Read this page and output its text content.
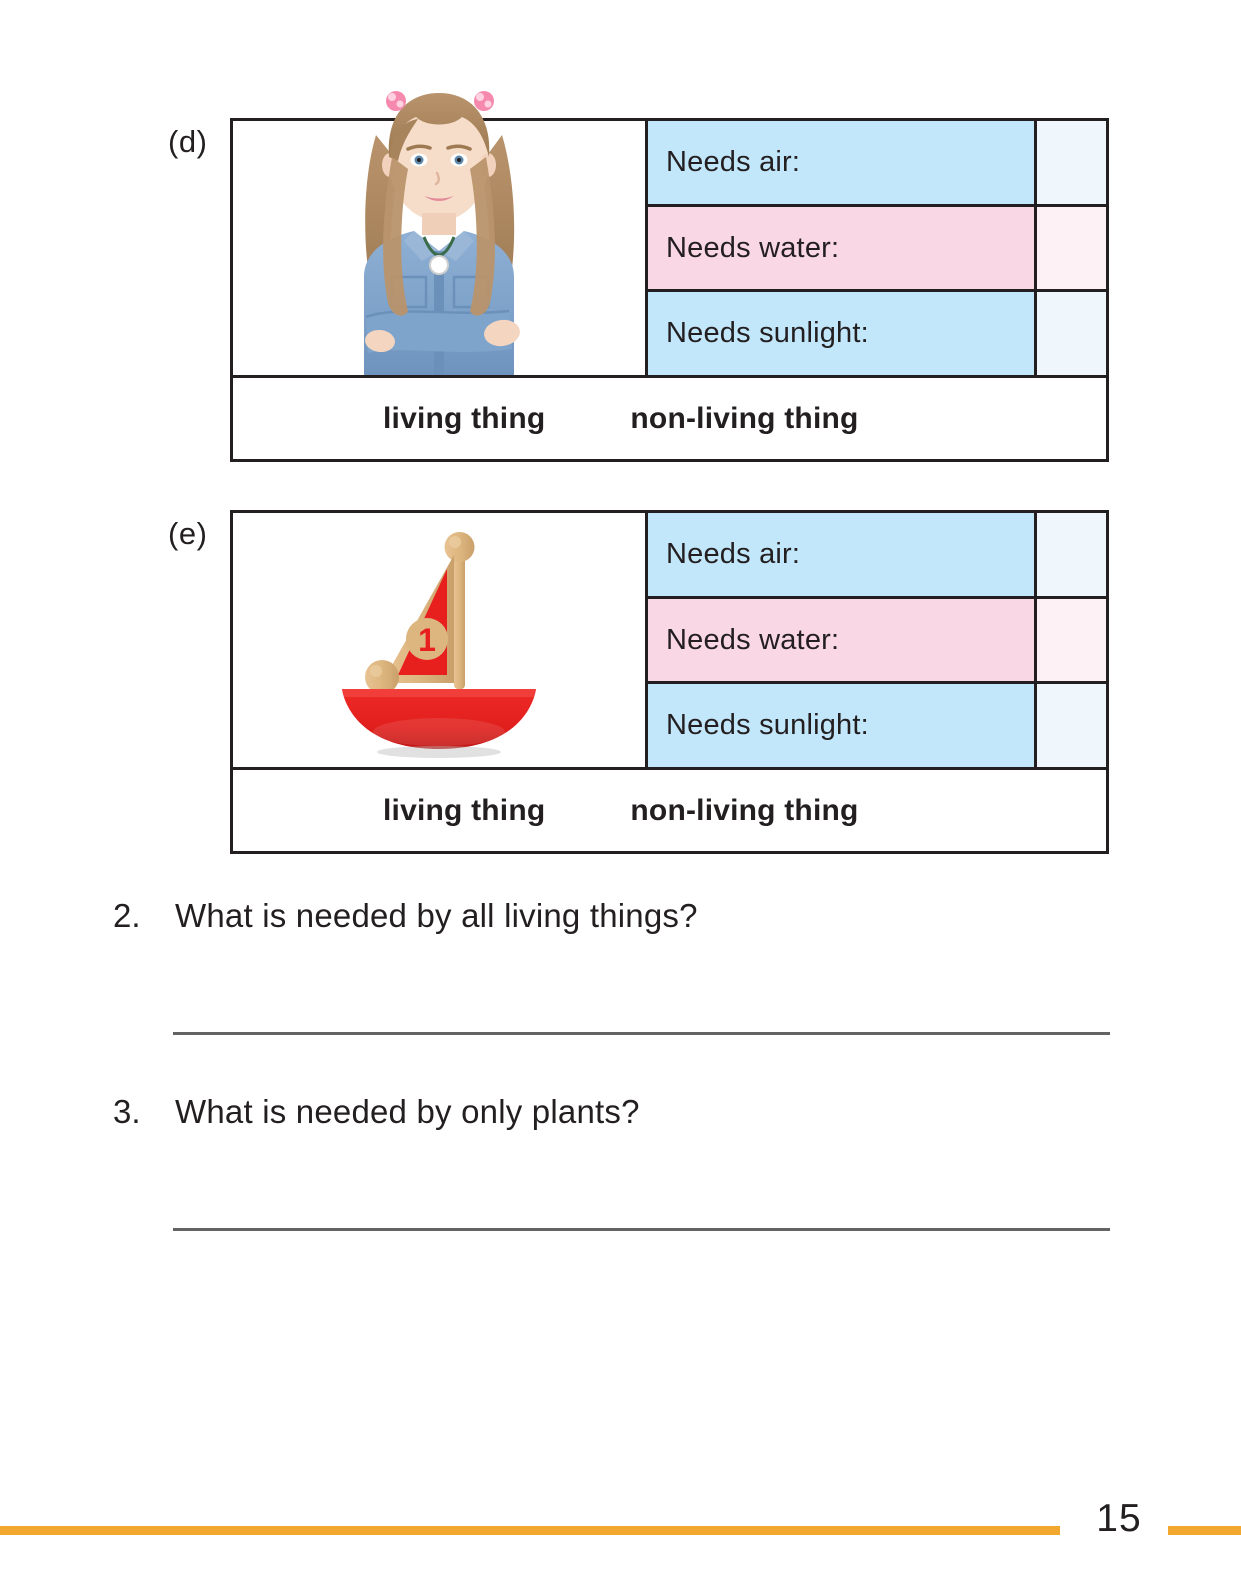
(d)
Needs air:
Needs water:
Needs sunlight:
living thing	non-living thing
(e)
1
Needs air:
Needs water:
Needs sunlight:
living thing	non-living thing
2.	What is needed by all living things?
3.	What is needed by only plants?
15
